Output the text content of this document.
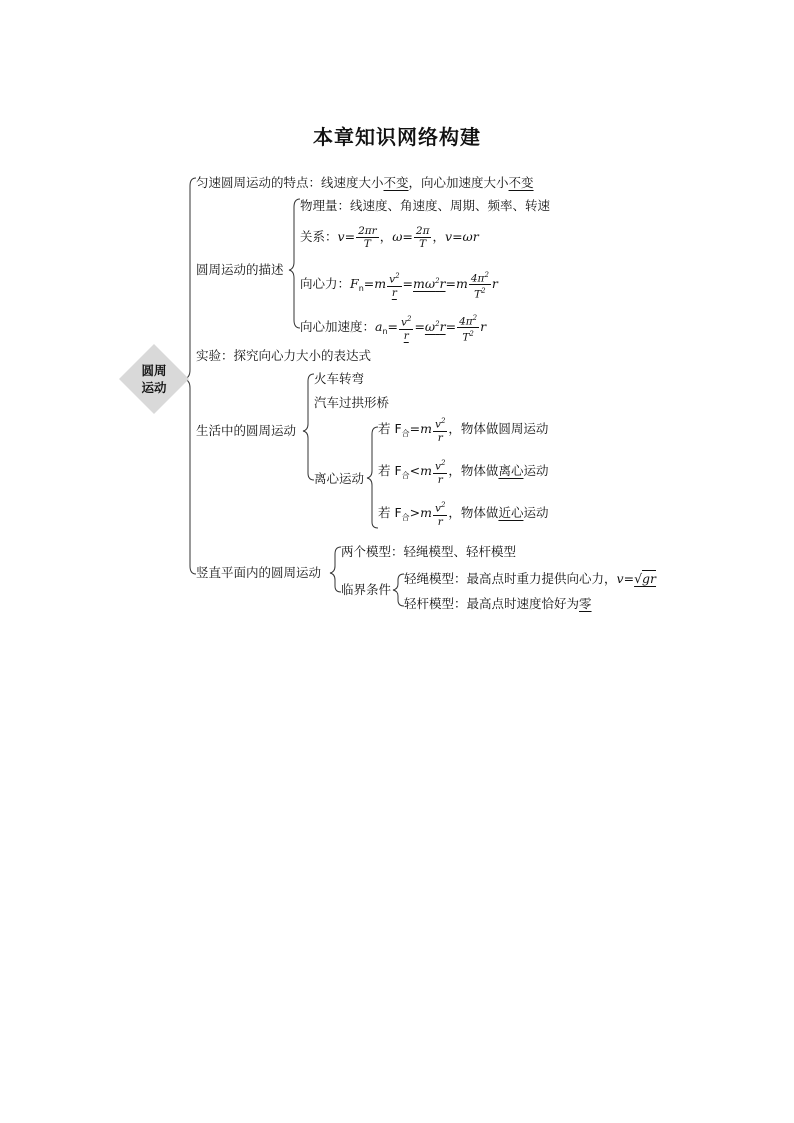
本章知识网络构建
圆周
运动
匀速圆周运动的特点：线速度大小不变，向心加速度大小不变
圆周运动的描述
物理量：线速度、角速度、周期、频率、转速
关系：$v= \frac{2\pi r}{T}$ ，$\omega= \frac{2\pi}{T}$ ，v=ωr
向心力：$F_n=m \frac{v^2}{r} =m\omega^2r=m \frac{4\pi^2}{T^2}$ r
向心加速度：$a_n= \frac{v^2}{r} =\omega^2r= \frac{4\pi^2}{T^2}$ r
实验：探究向心力大小的表达式
生活中的圆周运动
火车转弯
汽车过拱形桥
离心运动
若 $F_合=m \frac{v^2}{r}$ ，物体做圆周运动
若 $F_合<m \frac{v^2}{r}$ ，物体做离心运动
若 $F_合>m \frac{v^2}{r}$ ，物体做近心运动
竖直平面内的圆周运动
两个模型：轻绳模型、轻杆模型
临界条件
轻绳模型：最高点时重力提供向心力，v=√gr
轻杆模型：最高点时速度恰好为零
